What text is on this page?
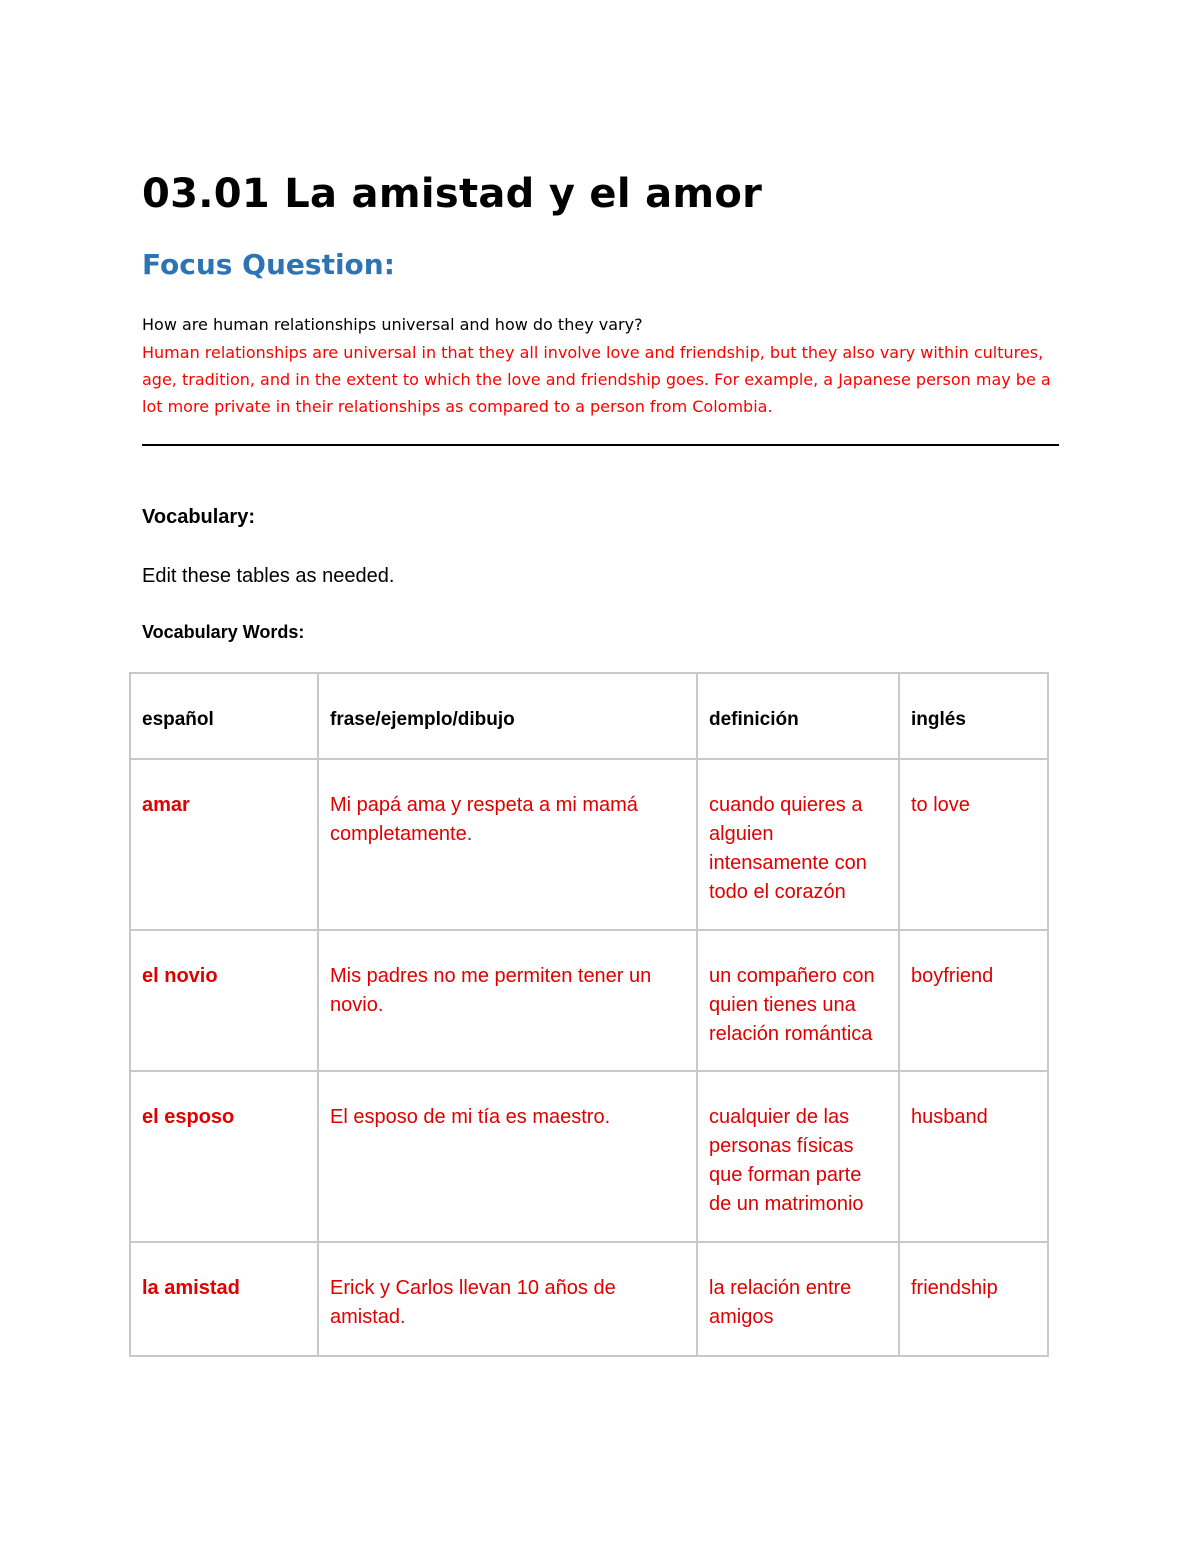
03.01 La amistad y el amor
Focus Question:

How are human relationships universal and how do they vary?

Human relationships are universal in that they all involve love and friendship, but they also vary within cultures, age, tradition, and in the extent to which the love and friendship goes. For example, a Japanese person may be a lot more private in their relationships as compared to a person from Colombia.

Vocabulary:

Edit these tables as needed.

Vocabulary Words:

español	frase/ejemplo/dibujo	definición	inglés
amar	Mi papá ama y respeta a mi mamá completamente.	cuando quieres a alguien intensamente con todo el corazón	to love
el novio	Mis padres no me permiten tener un novio.	un compañero con quien tienes una relación romántica	boyfriend
el esposo	El esposo de mi tía es maestro.	cualquier de las personas físicas que forman parte de un matrimonio	husband
la amistad	Erick y Carlos llevan 10 años de amistad.	la relación entre amigos	friendship
